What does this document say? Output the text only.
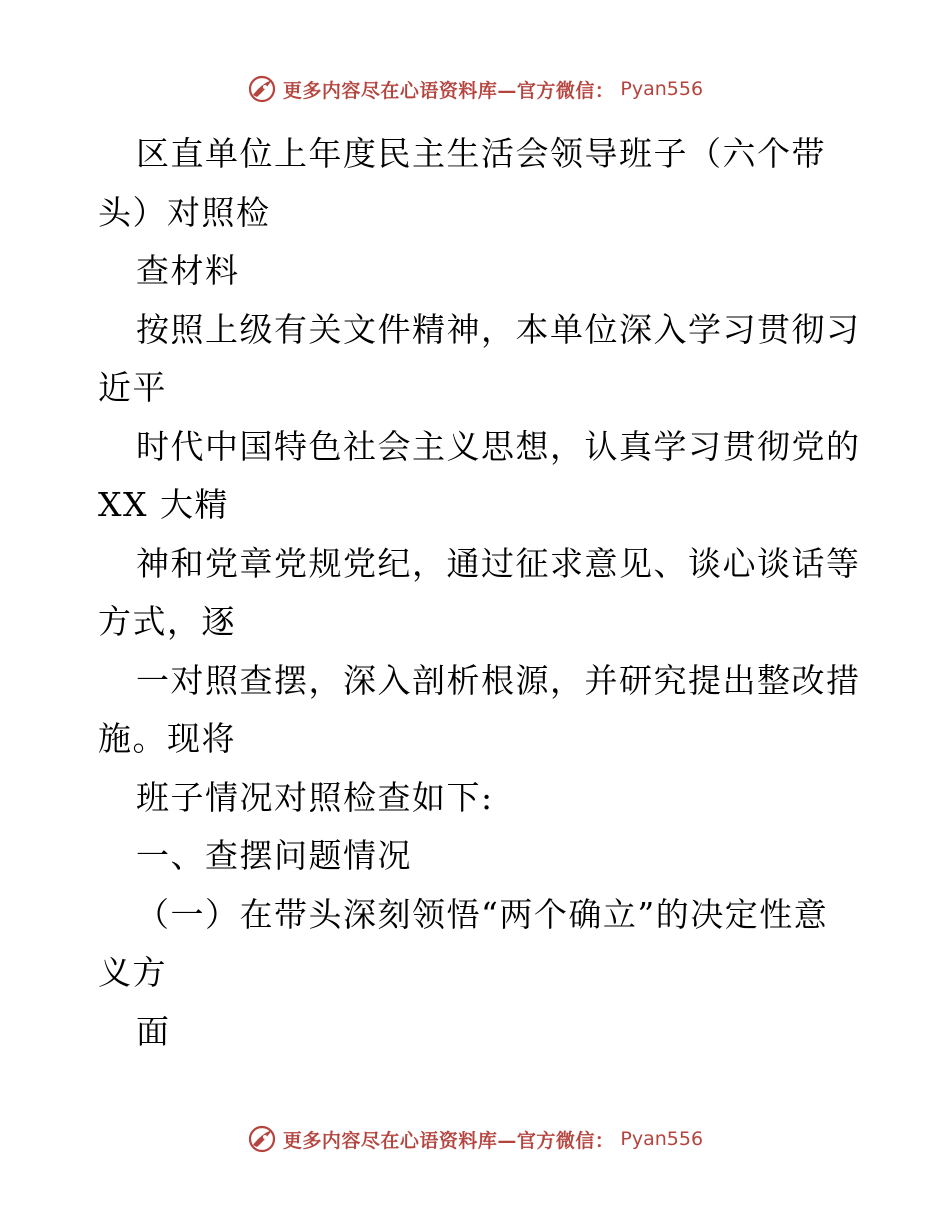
更多内容尽在心语资料库—官方微信： Pyan556
区直单位上年度民主生活会领导班子（六个带
头）对照检
查材料
按照上级有关文件精神，本单位深入学习贯彻习
近平
时代中国特色社会主义思想，认真学习贯彻党的
XX 大精
神和党章党规党纪，通过征求意见、谈心谈话等
方式，逐
一对照查摆，深入剖析根源，并研究提出整改措
施。现将
班子情况对照检查如下:
一、查摆问题情况
（一）在带头深刻领悟“两个确立”的决定性意
义方
面
更多内容尽在心语资料库—官方微信： Pyan556
